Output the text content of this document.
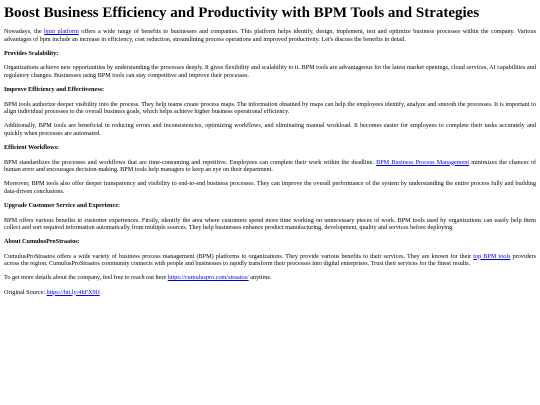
Boost Business Efficiency and Productivity with BPM Tools and Strategies

Nowadays, the bpm platform offers a wide range of benefits to businesses and companies. This platform helps identify, design, implement, test and optimize business processes within the company. Various advantages of bpm include an increase in efficiency, cost reduction, streamlining process operations and improved productivity. Let's discuss the benefits in detail.

Provides Scalability:

Organizations achieve new opportunities by understanding the processes deeply. It gives flexibility and scalability to it. BPM tools are advantageous for the latest market openings, cloud services, AI capabilities and regulatory changes. Businesses using BPM tools can stay competitive and improve their processes.

Improve Efficiency and Effectiveness:

BPM tools authorize deeper visibility into the process. They help teams create process maps. The information obtained by maps can help the employees identify, analyze and smooth the processes. It is important to align individual processes to the overall business goals, which helps achieve higher business operational efficiency.

Additionally, BPM tools are beneficial in reducing errors and inconsistencies, optimizing workflows, and eliminating manual workload. It becomes easier for employees to complete their tasks accurately and quickly when processes are automated.

Efficient Workflows:

BPM standardizes the processes and workflows that are time-consuming and repetitive. Employees can complete their work within the deadline. BPM Business Process Management minimizes the chances of human error and encourages decision-making. BPM tools help managers to keep an eye on their department.

Moreover, BPM tools also offer deeper transparency and visibility to end-to-end business processes. They can improve the overall performance of the system by understanding the entire process fully and building data-driven conclusions.

Upgrade Customer Service and Experience:

BPM offers various benefits to customer experiences. Firstly, identify the area where customers spend more time working on unnecessary pieces of work. BPM tools used by organizations can easily help them collect and sort required information automatically from multiple sources. They help businesses enhance product manufacturing, development, quality and services before deploying.

About CumulusProStraatos:

CumulusProStraatos offers a wide variety of business process management (BPM) platforms to organizations. They provide various benefits to their services. They are known for their top BPM tools providers across the region. CumulusProStraatos community connects with people and businesses to rapidly transform their processes into digital enterprises. Trust their services for the finest results.

To get more details about the company, feel free to reach out here https://cumuluspro.com/straatos/ anytime.

Original Source: https://bit.ly/4hFX9lJ
